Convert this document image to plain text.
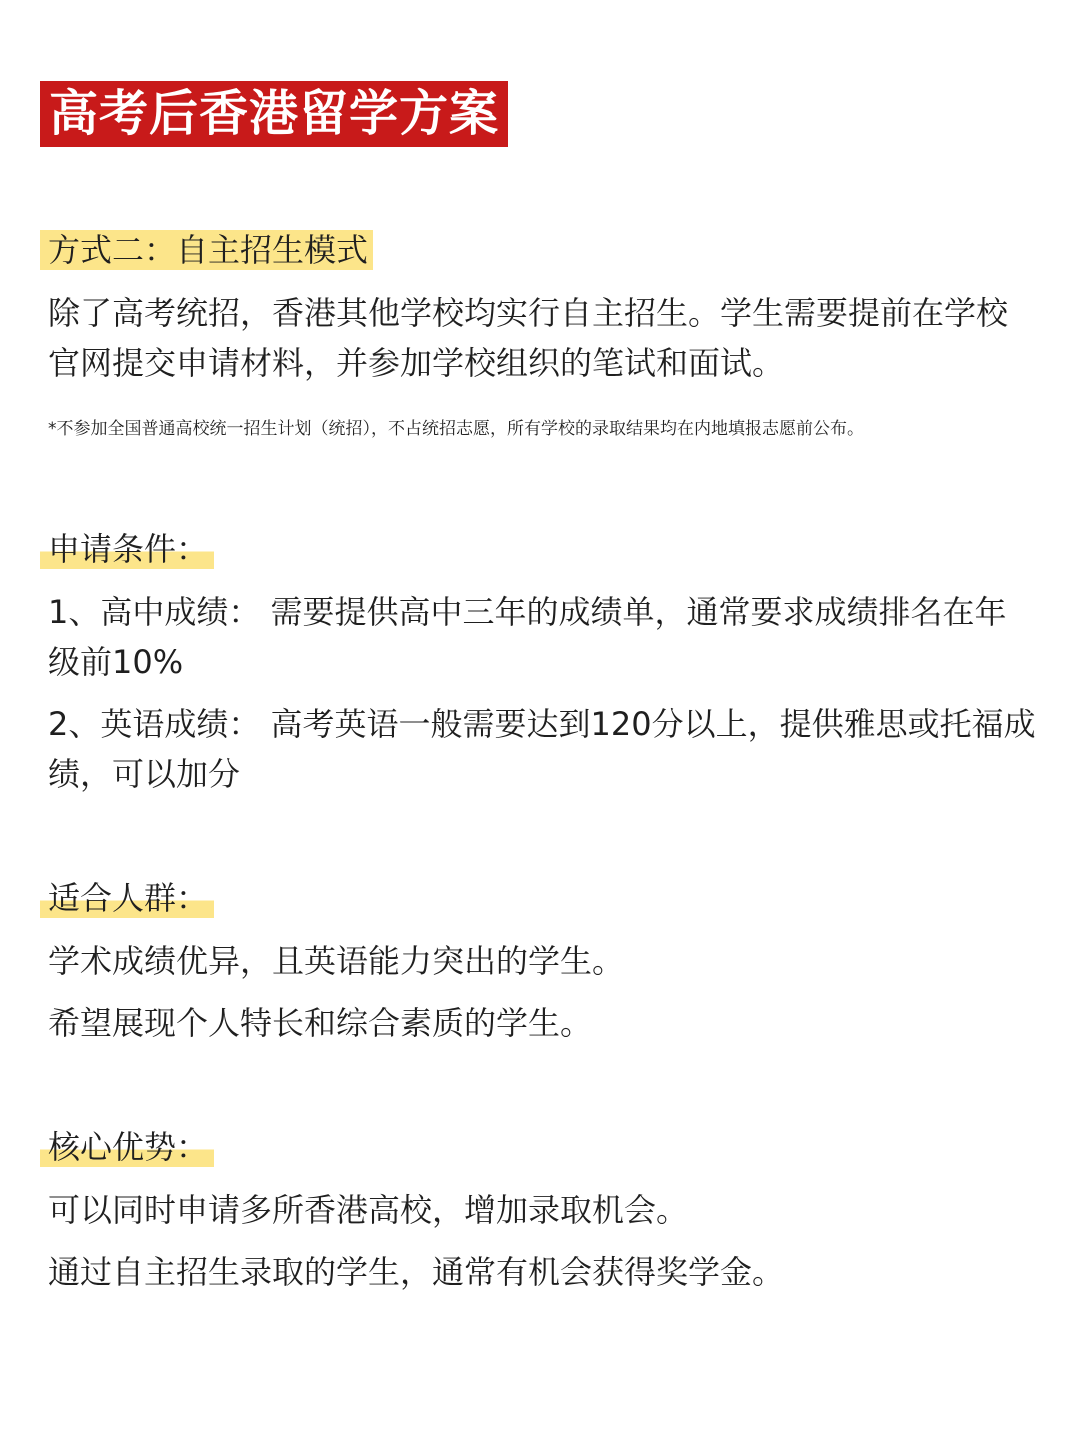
高考后香港留学方案
方式二：自主招生模式
除了高考统招，香港其他学校均实行自主招生。学生需要提前在学校官网提交申请材料，并参加学校组织的笔试和面试。
*不参加全国普通高校统一招生计划（统招），不占统招志愿，所有学校的录取结果均在内地填报志愿前公布。
申请条件：
1、高中成绩： 需要提供高中三年的成绩单，通常要求成绩排名在年级前10%
2、英语成绩： 高考英语一般需要达到120分以上，提供雅思或托福成绩，可以加分
适合人群：
学术成绩优异，且英语能力突出的学生。
希望展现个人特长和综合素质的学生。
核心优势：
可以同时申请多所香港高校，增加录取机会。
通过自主招生录取的学生，通常有机会获得奖学金。
